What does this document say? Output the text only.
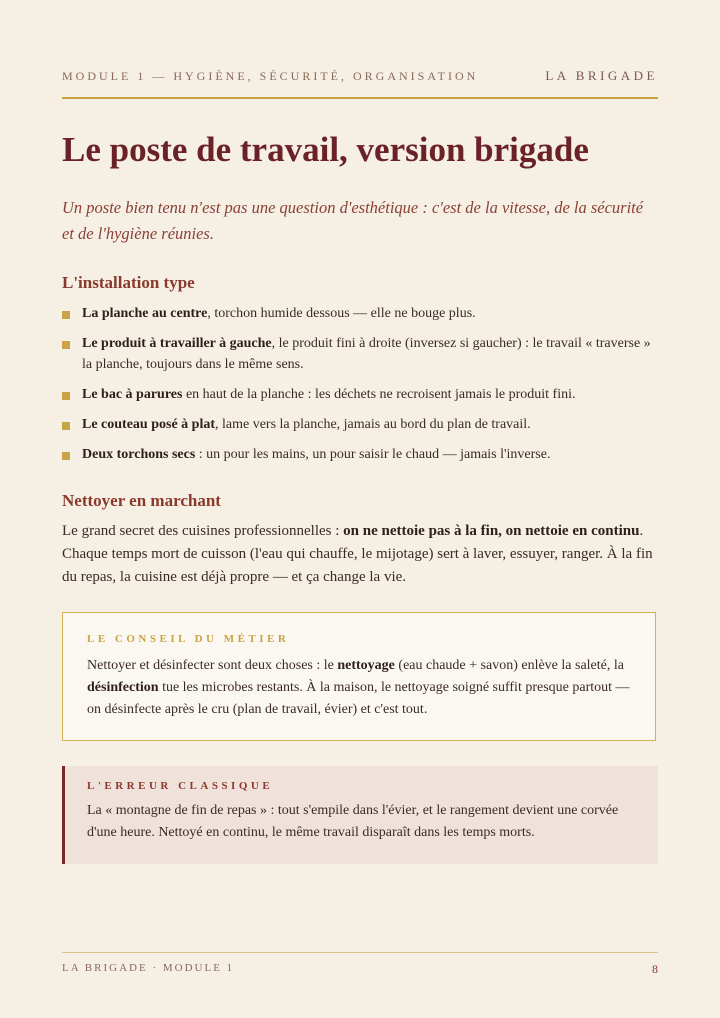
MODULE 1 — HYGIÈNE, SÉCURITÉ, ORGANISATION	LA BRIGADE
Le poste de travail, version brigade

Un poste bien tenu n'est pas une question d'esthétique : c'est de la vitesse, de la sécurité et de l'hygiène réunies.

L'installation type
La planche au centre, torchon humide dessous — elle ne bouge plus.
Le produit à travailler à gauche, le produit fini à droite (inversez si gaucher) : le travail « traverse » la planche, toujours dans le même sens.
Le bac à parures en haut de la planche : les déchets ne recroisent jamais le produit fini.
Le couteau posé à plat, lame vers la planche, jamais au bord du plan de travail.
Deux torchons secs : un pour les mains, un pour saisir le chaud — jamais l'inverse.
Nettoyer en marchant

Le grand secret des cuisines professionnelles : on ne nettoie pas à la fin, on nettoie en continu. Chaque temps mort de cuisson (l'eau qui chauffe, le mijotage) sert à laver, essuyer, ranger. À la fin du repas, la cuisine est déjà propre — et ça change la vie.

LE CONSEIL DU MÉTIER

Nettoyer et désinfecter sont deux choses : le nettoyage (eau chaude + savon) enlève la saleté, la désinfection tue les microbes restants. À la maison, le nettoyage soigné suffit presque partout — on désinfecte après le cru (plan de travail, évier) et c'est tout.

L'ERREUR CLASSIQUE

La « montagne de fin de repas » : tout s'empile dans l'évier, et le rangement devient une corvée d'une heure. Nettoyé en continu, le même travail disparaît dans les temps morts.

LA BRIGADE · MODULE 1	8
